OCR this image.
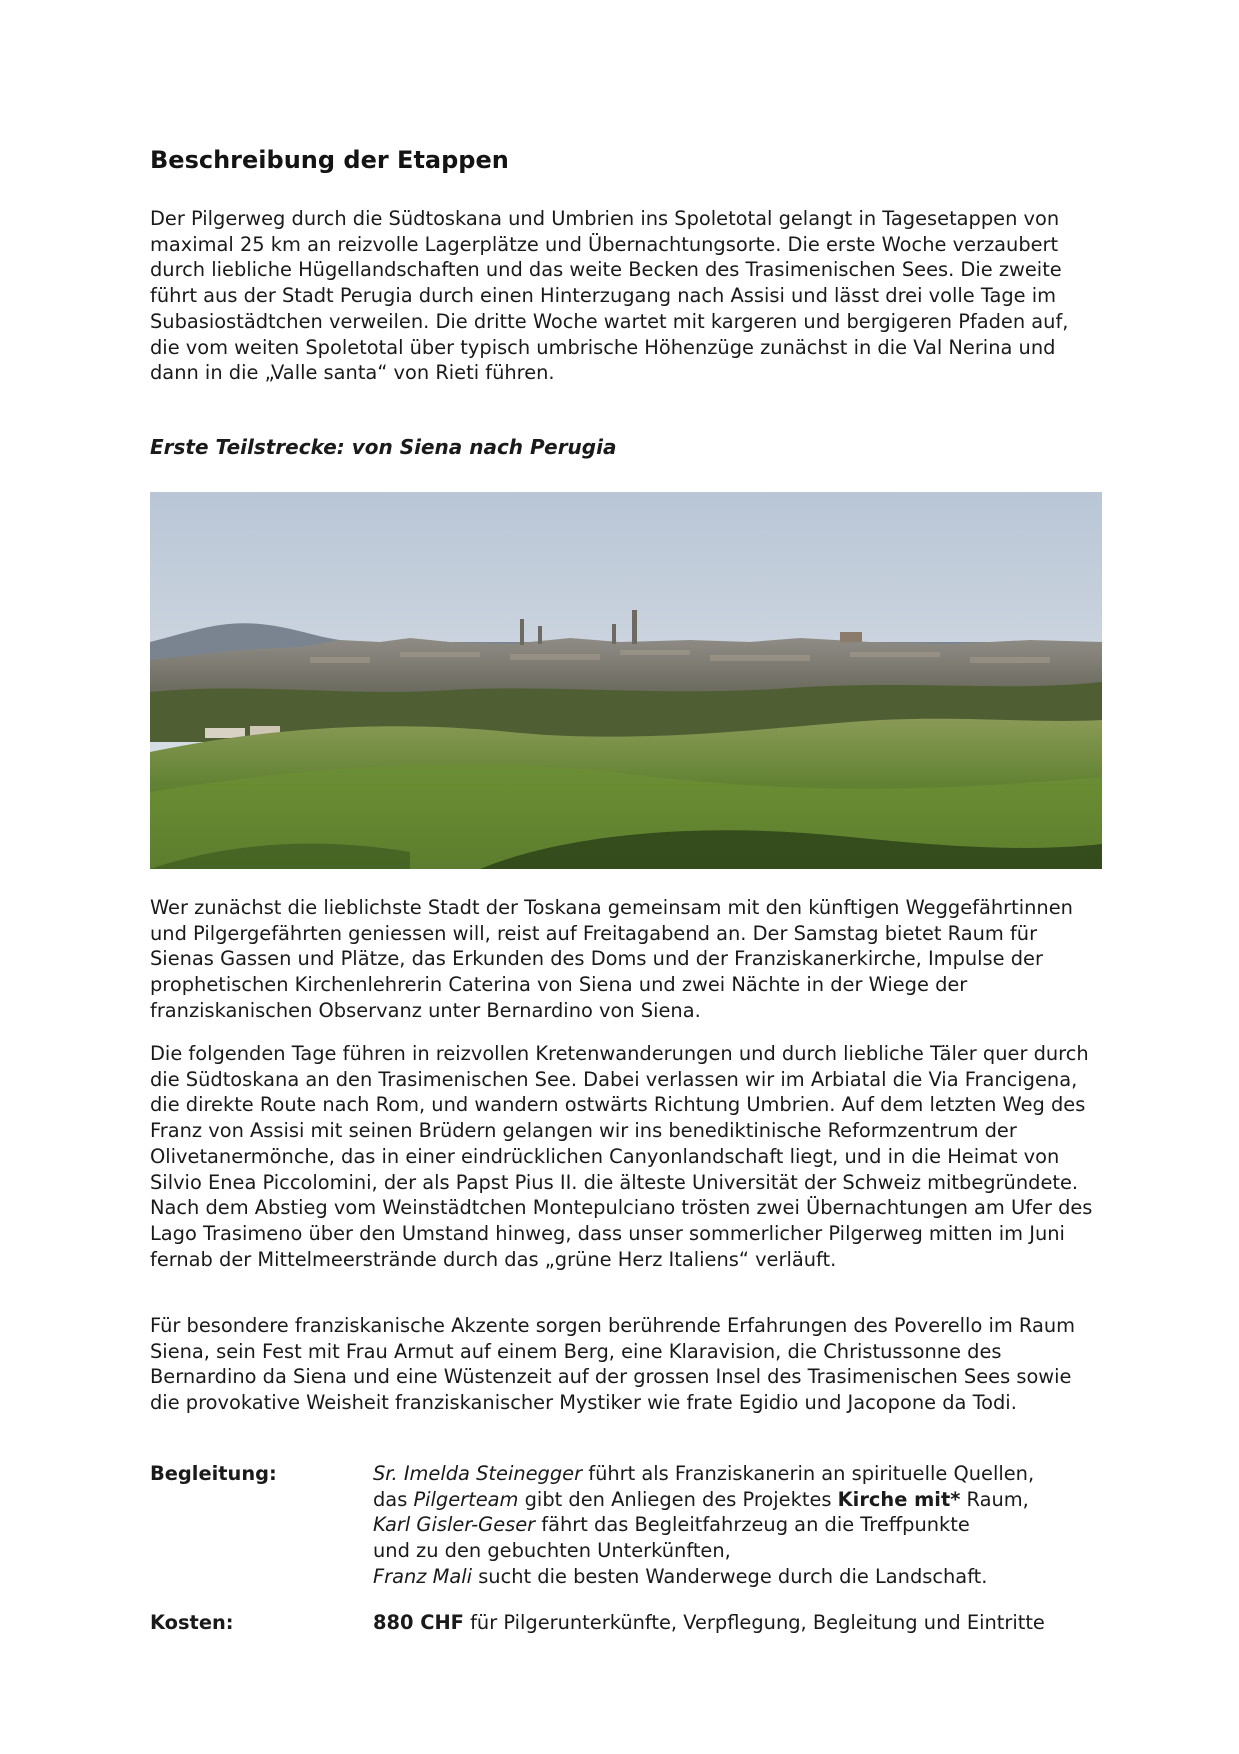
Beschreibung der Etappen

Der Pilgerweg durch die Südtoskana und Umbrien ins Spoletotal gelangt in Tagesetappen von maximal 25 km an reizvolle Lagerplätze und Übernachtungsorte. Die erste Woche verzaubert durch liebliche Hügellandschaften und das weite Becken des Trasimenischen Sees. Die zweite führt aus der Stadt Perugia durch einen Hinterzugang nach Assisi und lässt drei volle Tage im Subasiostädtchen verweilen. Die dritte Woche wartet mit kargeren und bergigeren Pfaden auf, die vom weiten Spoletotal über typisch umbrische Höhenzüge zunächst in die Val Nerina und dann in die „Valle santa“ von Rieti führen.

Erste Teilstrecke: von Siena nach Perugia

Wer zunächst die lieblichste Stadt der Toskana gemeinsam mit den künftigen Weggefährtinnen und Pilgergefährten geniessen will, reist auf Freitagabend an. Der Samstag bietet Raum für Sienas Gassen und Plätze, das Erkunden des Doms und der Franziskanerkirche, Impulse der prophetischen Kirchenlehrerin Caterina von Siena und zwei Nächte in der Wiege der franziskanischen Observanz unter Bernardino von Siena.

Die folgenden Tage führen in reizvollen Kretenwanderungen und durch liebliche Täler quer durch die Südtoskana an den Trasimenischen See. Dabei verlassen wir im Arbiatal die Via Francigena, die direkte Route nach Rom, und wandern ostwärts Richtung Umbrien. Auf dem letzten Weg des Franz von Assisi mit seinen Brüdern gelangen wir ins benediktinische Reformzentrum der Olivetanermönche, das in einer eindrücklichen Canyonlandschaft liegt, und in die Heimat von Silvio Enea Piccolomini, der als Papst Pius II. die älteste Universität der Schweiz mitbegründete. Nach dem Abstieg vom Weinstädtchen Montepulciano trösten zwei Übernachtungen am Ufer des Lago Trasimeno über den Umstand hinweg, dass unser sommerlicher Pilgerweg mitten im Juni fernab der Mittelmeerstrände durch das „grüne Herz Italiens“ verläuft.

Für besondere franziskanische Akzente sorgen berührende Erfahrungen des Poverello im Raum Siena, sein Fest mit Frau Armut auf einem Berg, eine Klaravision, die Christussonne des Bernardino da Siena und eine Wüstenzeit auf der grossen Insel des Trasimenischen Sees sowie die provokative Weisheit franziskanischer Mystiker wie frate Egidio und Jacopone da Todi.

Begleitung:	Sr. Imelda Steinegger führt als Franziskanerin an spirituelle Quellen,
das Pilgerteam gibt den Anliegen des Projektes Kirche mit* Raum,
Karl Gisler-Geser fährt das Begleitfahrzeug an die Treffpunkte
und zu den gebuchten Unterkünften,
Franz Mali sucht die besten Wanderwege durch die Landschaft.
Kosten:	880 CHF für Pilgerunterkünfte, Verpflegung, Begleitung und Eintritte
